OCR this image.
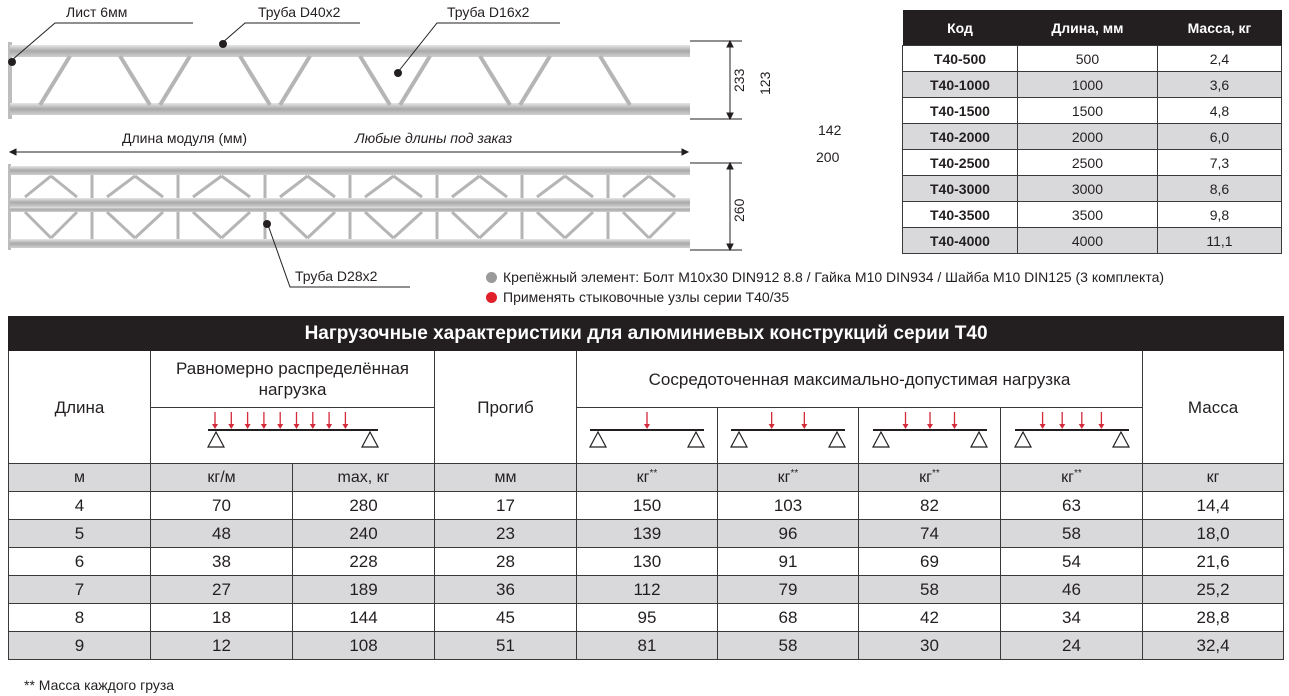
Лист 6мм	Труба D40x2	Труба D16x2
Труба D28x2
Длина модуля (мм)	Любые длины под заказ
233
260
123
142
200
Код	Длина, мм	Масса, кг
T40-500	500	2,4
T40-1000	1000	3,6
T40-1500	1500	4,8
T40-2000	2000	6,0
T40-2500	2500	7,3
T40-3000	3000	8,6
T40-3500	3500	9,8
T40-4000	4000	11,1
Крепёжный элемент: Болт М10x30 DIN912 8.8 / Гайка М10 DIN934 / Шайба М10 DIN125 (3 комплекта)
Применять стыковочные узлы серии T40/35
Нагрузочные характеристики для алюминиевых конструкций серии T40								
Длина	Равномерно распределённая нагрузка		Прогиб	Сосредоточенная максимально-допустимая нагрузка				Масса

м	кг/м	max, кг	мм	кг**	кг**	кг**	кг**	кг
4	70	280	17	150	103	82	63	14,4
5	48	240	23	139	96	74	58	18,0
6	38	228	28	130	91	69	54	21,6
7	27	189	36	112	79	58	46	25,2
8	18	144	45	95	68	42	34	28,8
9	12	108	51	81	58	30	24	32,4
** Масса каждого груза
